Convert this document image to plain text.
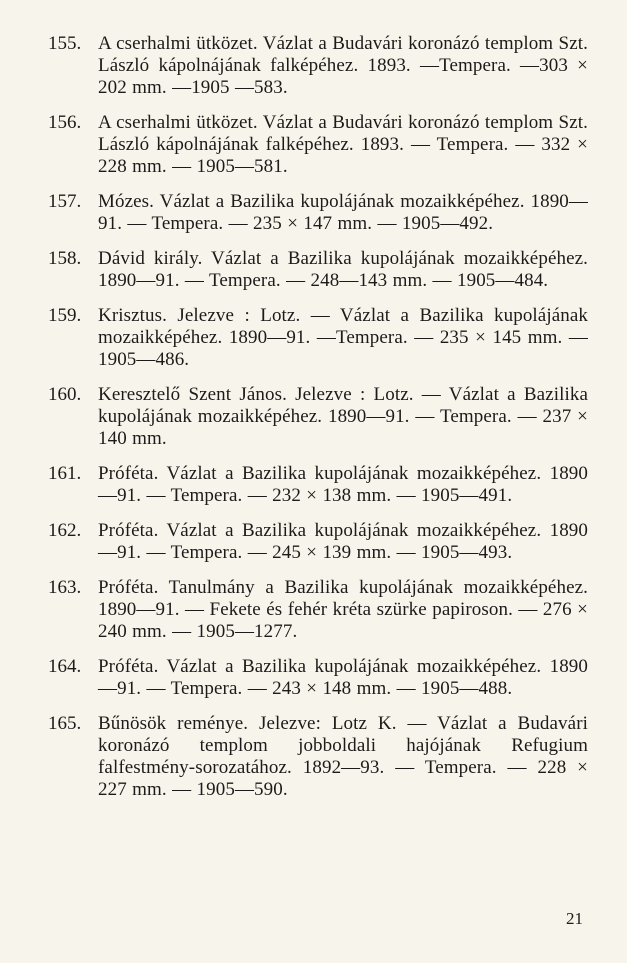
155. A cserhalmi ütközet. Vázlat a Budavári koronázó templom Szt. László kápolnájának falképéhez. 1893. —Tempera. —303 × 202 mm. —1905 —583.
156. A cserhalmi ütközet. Vázlat a Budavári koronázó templom Szt. László kápolnájának falképéhez. 1893. — Tempera. — 332 × 228 mm. — 1905—581.
157. Mózes. Vázlat a Bazilika kupolájának mozaikképéhez. 1890—91. — Tempera. — 235 × 147 mm. — 1905—492.
158. Dávid király. Vázlat a Bazilika kupolájának mozaikképéhez. 1890—91. — Tempera. — 248—143 mm. — 1905—484.
159. Krisztus. Jelezve : Lotz. — Vázlat a Bazilika kupolájának mozaikképéhez. 1890—91. —Tempera. — 235 × 145 mm. — 1905—486.
160. Keresztelő Szent János. Jelezve : Lotz. — Vázlat a Bazilika kupolájának mozaikképéhez. 1890—91. — Tempera. — 237 × 140 mm.
161. Próféta. Vázlat a Bazilika kupolájának mozaikképéhez. 1890—91. — Tempera. — 232 × 138 mm. — 1905—491.
162. Próféta. Vázlat a Bazilika kupolájának mozaikképéhez. 1890—91. — Tempera. — 245 × 139 mm. — 1905—493.
163. Próféta. Tanulmány a Bazilika kupolájának mozaikképéhez. 1890—91. — Fekete és fehér kréta szürke papiroson. — 276 × 240 mm. — 1905—1277.
164. Próféta. Vázlat a Bazilika kupolájának mozaikképéhez. 1890—91. — Tempera. — 243 × 148 mm. — 1905—488.
165. Bűnösök reménye. Jelezve: Lotz K. — Vázlat a Budavári koronázó templom jobboldali hajójának Refugium falfestmény-sorozatához. 1892—93. — Tempera. — 228 × 227 mm. — 1905—590.
21
